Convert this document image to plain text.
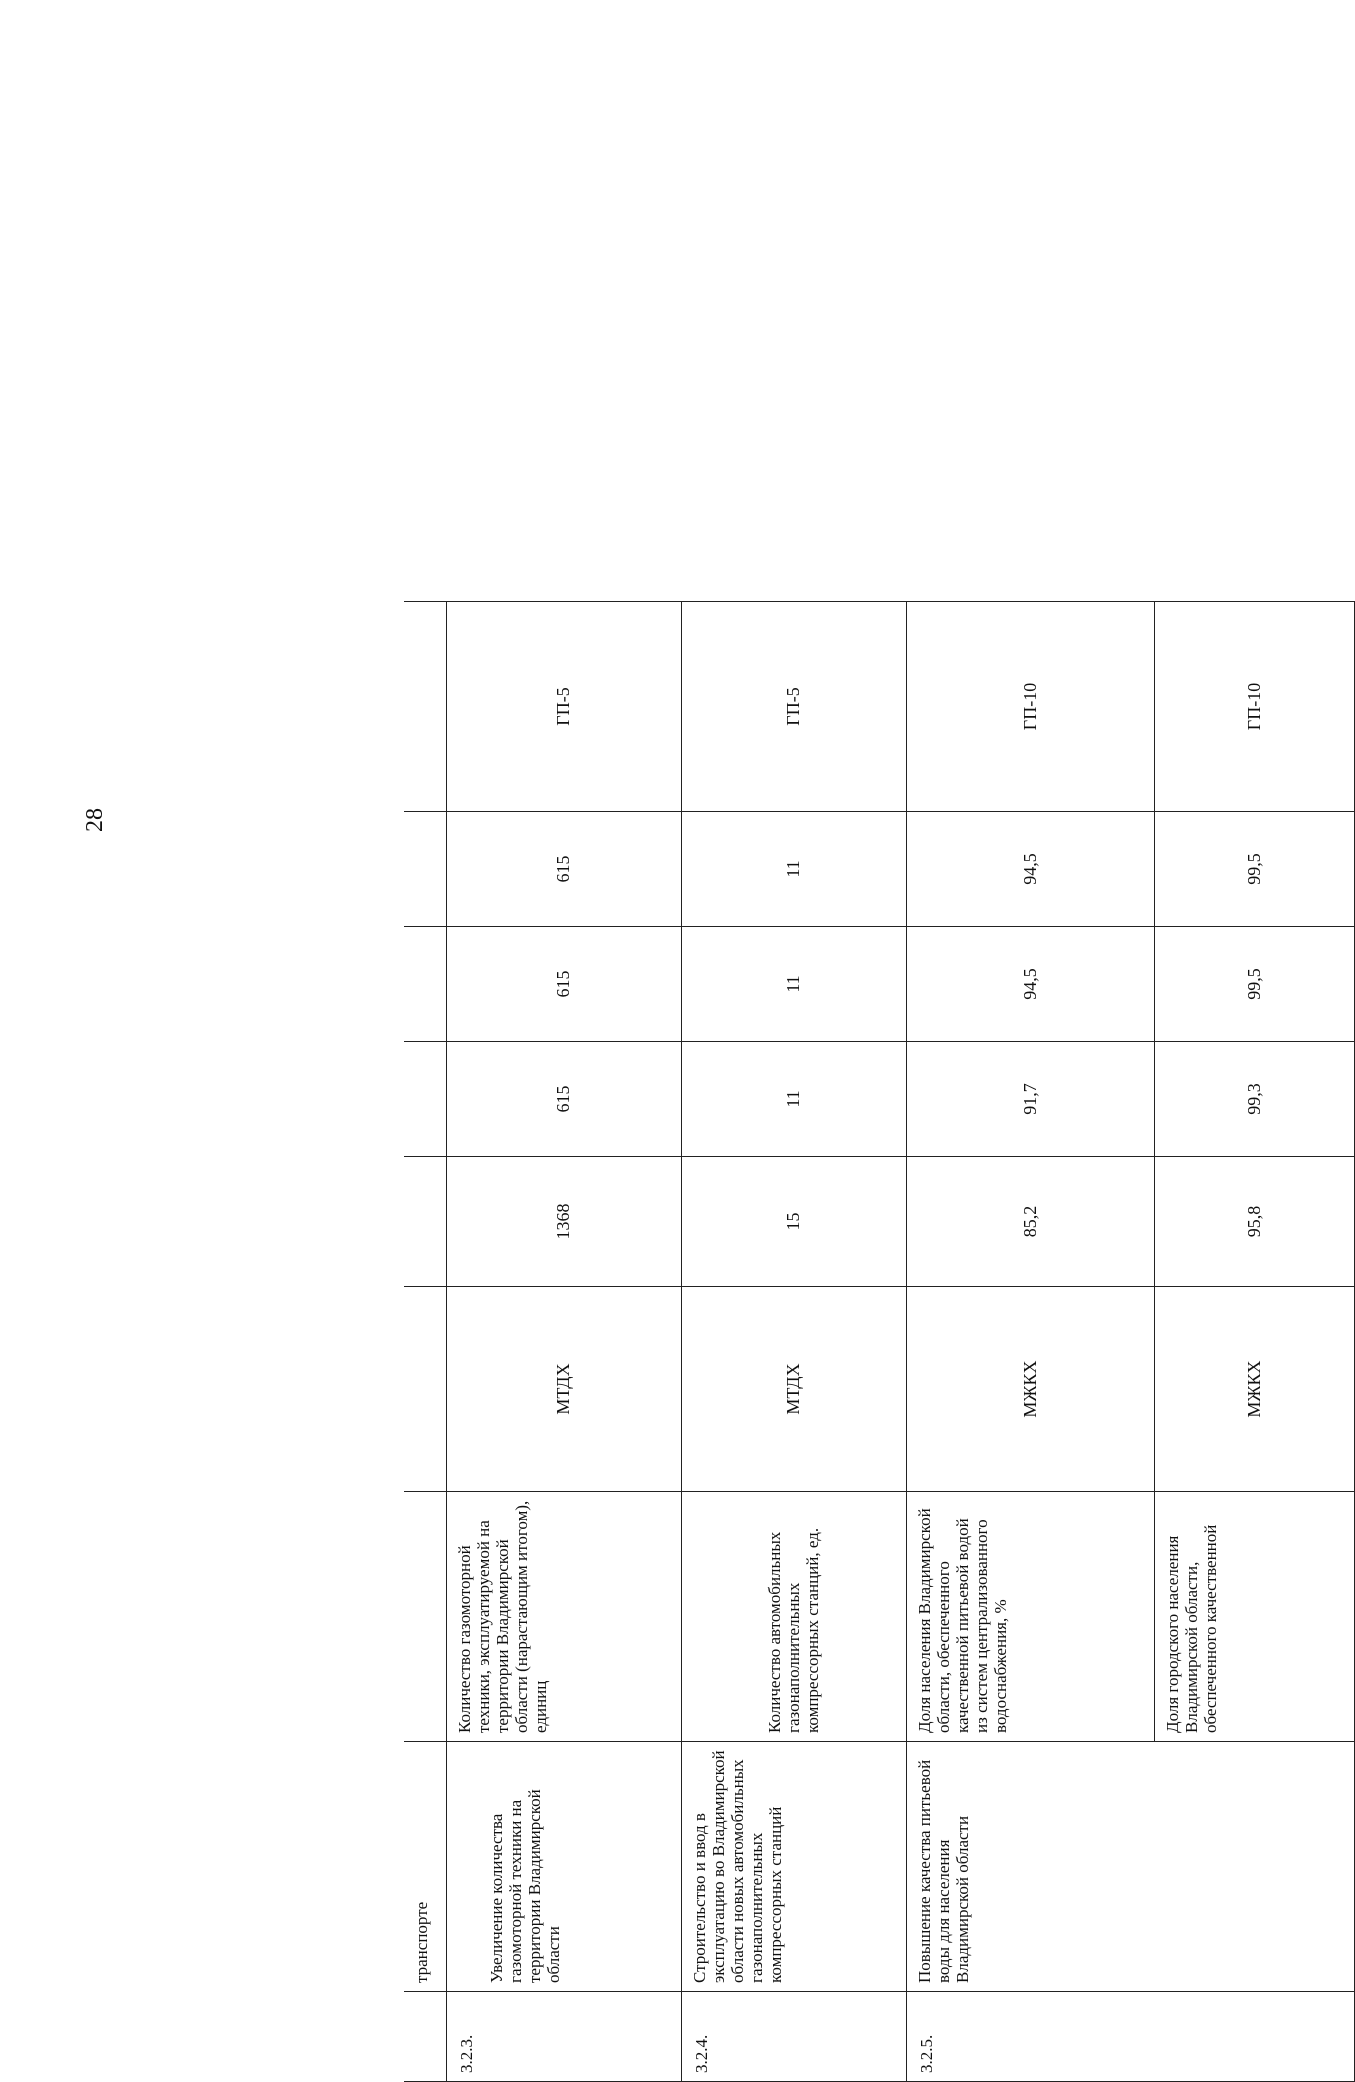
28
	транспорте							
3.2.3.	Увеличение количества газомоторной техники на территории Владимирской области	Количество газомоторной техники, эксплуатируемой на территории Владимирской области (нарастающим итогом), единиц	МТДХ	1368	615	615	615	ГП-5
3.2.4.	Строительство и ввод в эксплуатацию во Владимирской области новых автомобильных газонаполнительных компрессорных станций	Количество автомобильных газонаполнительных компрессорных станций, ед.	МТДХ	15	11	11	11	ГП-5
3.2.5.	Повышение качества питьевой воды для населения Владимирской области	Доля населения Владимирской области, обеспеченного качественной питьевой водой из систем централизованного водоснабжения, %	МЖКХ	85,2	91,7	94,5	94,5	ГП-10
		Доля городского населения Владимирской области, обеспеченного качественной	МЖКХ	95,8	99,3	99,5	99,5	ГП-10
